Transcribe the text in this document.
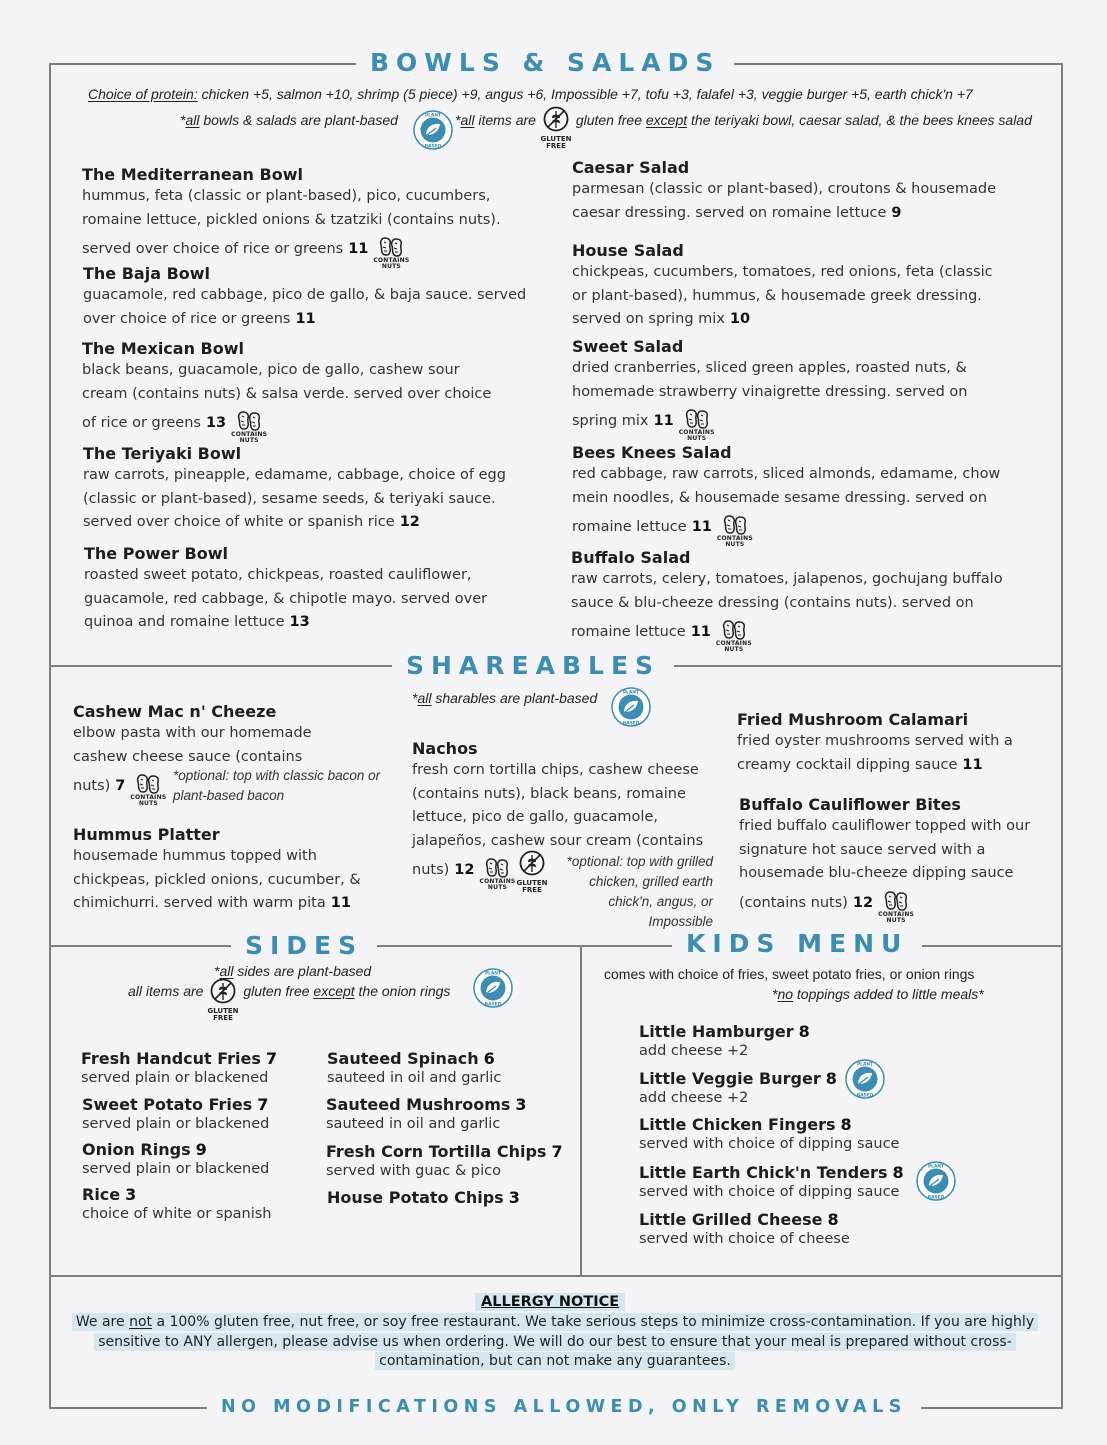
BOWLS & SALADS
SHAREABLES
SIDES	KIDS MENU
Choice of protein: chicken +5, salmon +10, shrimp (5 piece) +9, angus +6, Impossible +7, tofu +3, falafel +3, veggie burger +5, earth chick'n +7
*all bowls & salads are plant-based	*all items are	gluten free except the teriyaki bowl, caesar salad, & the bees knees salad
GLUTEN FREE
The Mediterranean Bowl
hummus, feta (classic or plant-based), pico, cucumbers, romaine lettuce, pickled onions & tzatziki (contains nuts). served over choice of rice or greens 11
CONTAINS NUTS
The Baja Bowl
guacamole, red cabbage, pico de gallo, & baja sauce. served over choice of rice or greens 11
The Mexican Bowl
black beans, guacamole, pico de gallo, cashew sour cream (contains nuts) & salsa verde. served over choice of rice or greens 13
CONTAINS NUTS
The Teriyaki Bowl
raw carrots, pineapple, edamame, cabbage, choice of egg (classic or plant-based), sesame seeds, & teriyaki sauce. served over choice of white or spanish rice 12
The Power Bowl
roasted sweet potato, chickpeas, roasted cauliflower, guacamole, red cabbage, & chipotle mayo. served over quinoa and romaine lettuce 13
Caesar Salad
parmesan (classic or plant-based), croutons & housemade caesar dressing. served on romaine lettuce 9
House Salad
chickpeas, cucumbers, tomatoes, red onions, feta (classic or plant-based), hummus, & housemade greek dressing. served on spring mix 10
Sweet Salad
dried cranberries, sliced green apples, roasted nuts, & homemade strawberry vinaigrette dressing. served on spring mix 11
CONTAINS NUTS
Bees Knees Salad
red cabbage, raw carrots, sliced almonds, edamame, chow mein noodles, & housemade sesame dressing. served on romaine lettuce 11
CONTAINS NUTS
Buffalo Salad
raw carrots, celery, tomatoes, jalapenos, gochujang buffalo sauce & blu-cheeze dressing (contains nuts). served on romaine lettuce 11
CONTAINS NUTS
*all sharables are plant-based
Cashew Mac n' Cheeze
elbow pasta with our homemade cashew cheese sauce (contains nuts) 7
CONTAINS NUTS
*optional: top with classic bacon or plant-based bacon
Hummus Platter
housemade hummus topped with chickpeas, pickled onions, cucumber, & chimichurri. served with warm pita 11
Nachos
fresh corn tortilla chips, cashew cheese (contains nuts), black beans, romaine lettuce, pico de gallo, guacamole, jalapeños, cashew sour cream (contains nuts) 12
CONTAINS NUTS
GLUTEN FREE
*optional: top with grilled chicken, grilled earth chick'n, angus, or Impossible
Fried Mushroom Calamari
fried oyster mushrooms served with a creamy cocktail dipping sauce 11
Buffalo Cauliflower Bites
fried buffalo cauliflower topped with our signature hot sauce served with a housemade blu-cheeze dipping sauce (contains nuts) 12
CONTAINS NUTS
*all sides are plant-based
all items are	gluten free except the onion rings
GLUTEN FREE
Fresh Handcut Fries 7
served plain or blackened
Sweet Potato Fries 7
served plain or blackened
Onion Rings 9
served plain or blackened
Rice 3
choice of white or spanish
Sauteed Spinach 6
sauteed in oil and garlic
Sauteed Mushrooms 3
sauteed in oil and garlic
Fresh Corn Tortilla Chips 7
served with guac & pico
House Potato Chips 3
comes with choice of fries, sweet potato fries, or onion rings
*no toppings added to little meals*
Little Hamburger 8
add cheese +2
Little Veggie Burger 8
add cheese +2
Little Chicken Fingers 8
served with choice of dipping sauce
Little Earth Chick'n Tenders 8
served with choice of dipping sauce
Little Grilled Cheese 8
served with choice of cheese
ALLERGY NOTICE
We are not a 100% gluten free, nut free, or soy free restaurant. We take serious steps to minimize cross-contamination. If you are highly sensitive to ANY allergen, please advise us when ordering. We will do our best to ensure that your meal is prepared without cross-contamination, but can not make any guarantees.
NO MODIFICATIONS ALLOWED, ONLY REMOVALS
